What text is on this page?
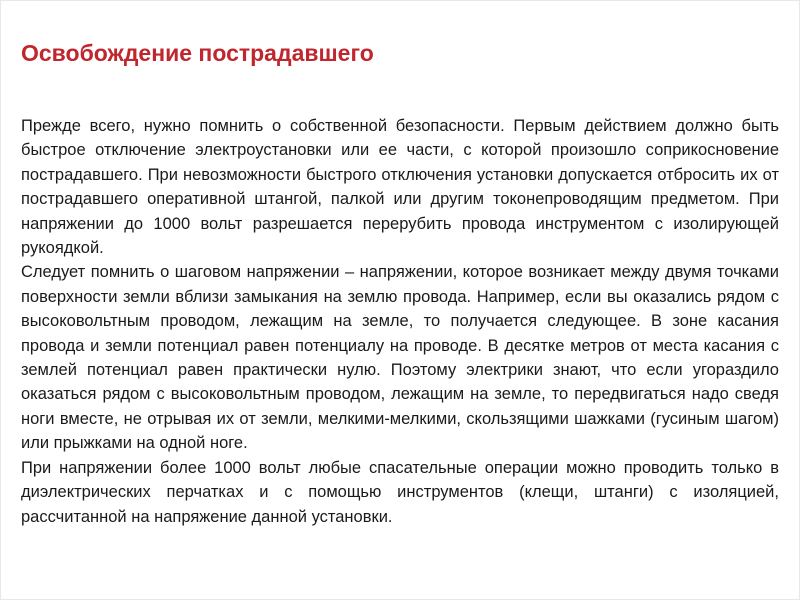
Освобождение пострадавшего

Прежде всего, нужно помнить о собственной безопасности. Первым действием должно быть быстрое отключение электроустановки или ее части, с которой произошло соприкосновение пострадавшего. При невозможности быстрого отключения установки допускается отбросить их от пострадавшего оперативной штангой, палкой или другим токонепроводящим предметом. При напряжении до 1000 вольт разрешается перерубить провода инструментом с изолирующей рукоядкой.

Следует помнить о шаговом напряжении – напряжении, которое возникает между двумя точками поверхности земли вблизи замыкания на землю провода. Например, если вы оказались рядом с высоковольтным проводом, лежащим на земле, то получается следующее. В зоне касания провода и земли потенциал равен потенциалу на проводе. В десятке метров от места касания с землей потенциал равен практически нулю. Поэтому электрики знают, что если угораздило оказаться рядом с высоковольтным проводом, лежащим на земле, то передвигаться надо сведя ноги вместе, не отрывая их от земли, мелкими-мелкими, скользящими шажками (гусиным шагом) или прыжками на одной ноге.

При напряжении более 1000 вольт любые спасательные операции можно проводить только в диэлектрических перчатках и с помощью инструментов (клещи, штанги) с изоляцией, рассчитанной на напряжение данной установки.
